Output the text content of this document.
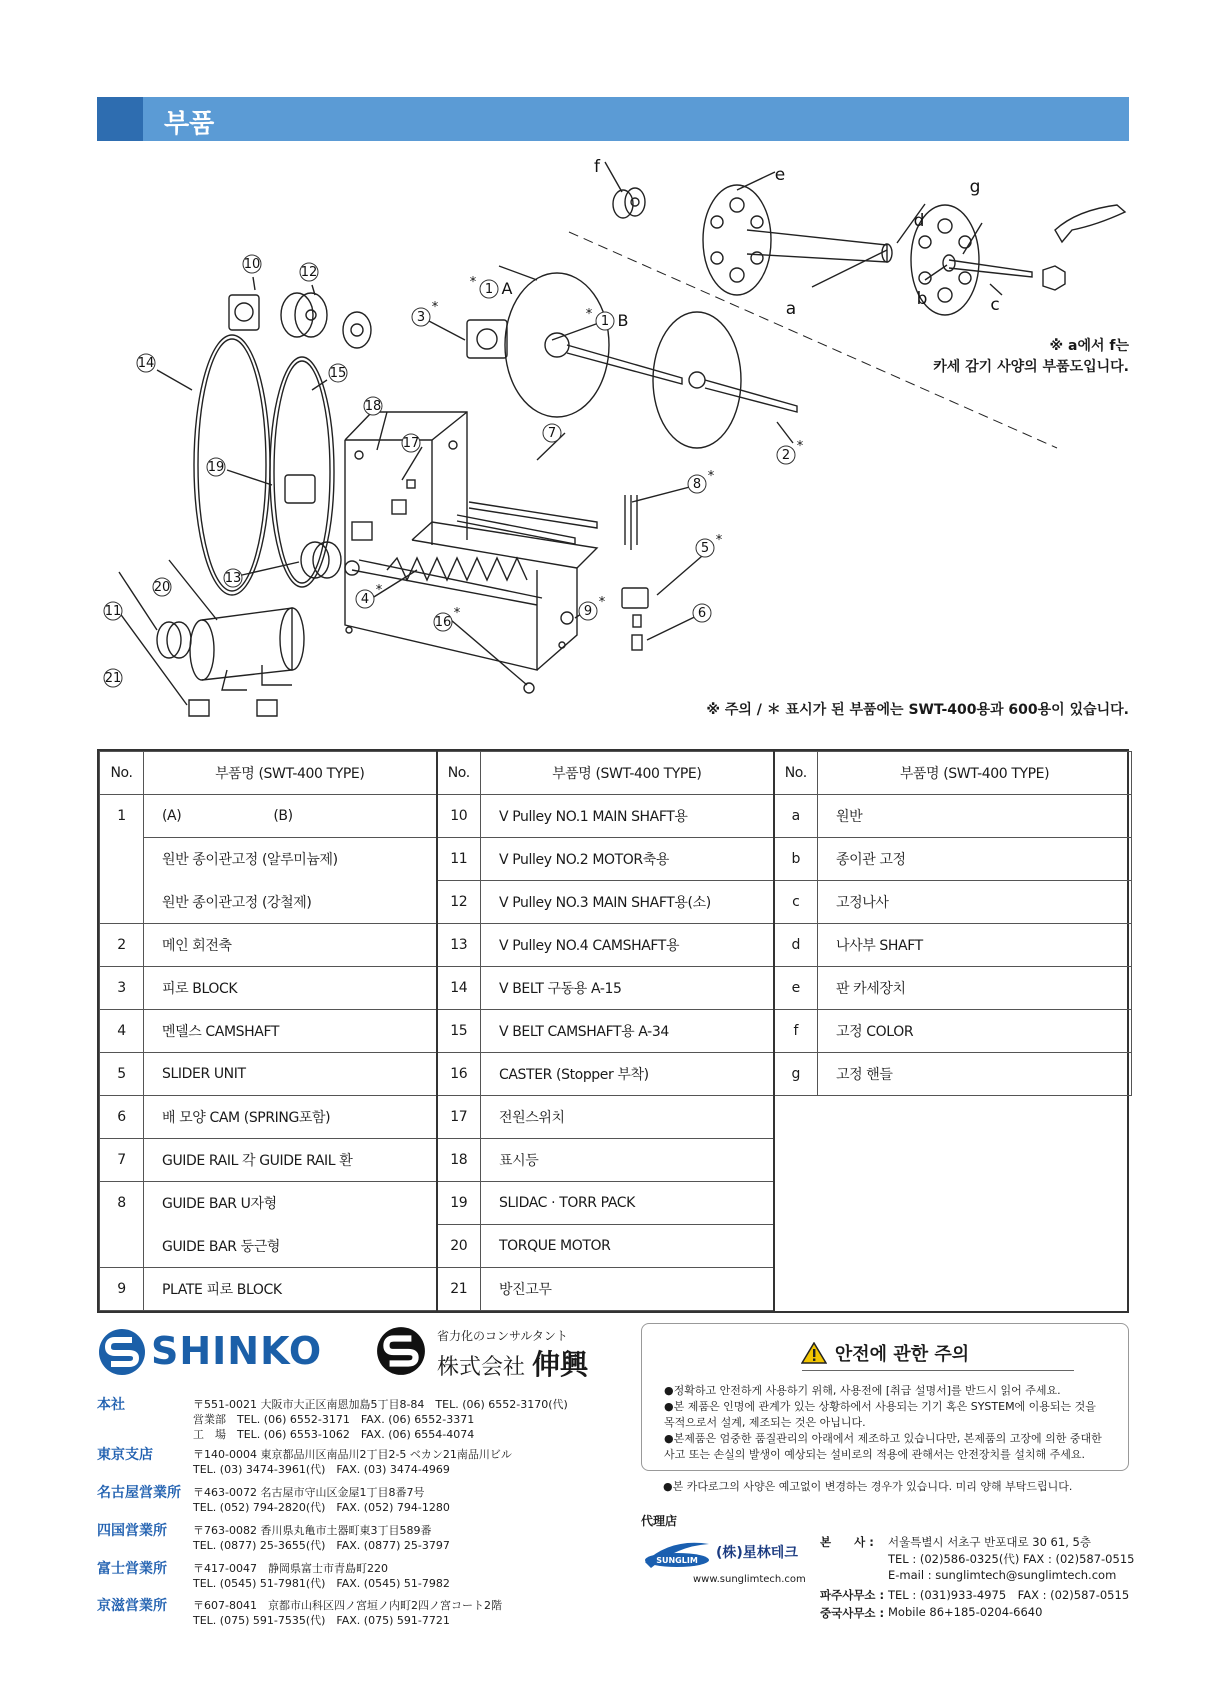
부품
10
12
14
15
19
13
11
20
21
3
*
* 1 A
* 1 B
2
*
18
17
7
8
*
5
*
6
9
*
4
*
16
*
f	e
g
d
a	b	c
※ a에서 f는
카세 감기 사양의 부품도입니다.
※ 주의 / ＊ 표시가 된 부품에는 SWT-400용과 600용이 있습니다.
No.	부품명 (SWT-400 TYPE)	No.	부품명 (SWT-400 TYPE)	No.	부품명 (SWT-400 TYPE)
1	(A) (B)	10	V Pulley NO.1 MAIN SHAFT용	a	원반
	원반 종이관고정 (알루미늄제)	11	V Pulley NO.2 MOTOR축용	b	종이관 고정
	원반 종이관고정 (강철제)	12	V Pulley NO.3 MAIN SHAFT용(소)	c	고정나사
2	메인 회전축	13	V Pulley NO.4 CAMSHAFT용	d	나사부 SHAFT
3	피로 BLOCK	14	V BELT 구동용 A-15	e	판 카세장치
4	멘델스 CAMSHAFT	15	V BELT CAMSHAFT용 A-34	f	고정 COLOR
5	SLIDER UNIT	16	CASTER (Stopper 부착)	g	고정 핸들
6	배 모양 CAM (SPRING포함)	17	전원스위치		
7	GUIDE RAIL 각 GUIDE RAIL 환	18	표시등		
8	GUIDE BAR U자형	19	SLIDAC · TORR PACK		
	GUIDE BAR 둥근형	20	TORQUE MOTOR		
9	PLATE 피로 BLOCK	21	방진고무		
SHINKO	省力化のコンサルタント
株式会社 伸興
本社	〒551-0021 大阪市大正区南恩加島5丁目8-84　TEL. (06) 6552-3170(代)
営業部　TEL. (06) 6552-3171　FAX. (06) 6552-3371
工　場　TEL. (06) 6553-1062　FAX. (06) 6554-4074
東京支店	〒140-0004 東京都品川区南品川2丁目2-5 ベカン21南品川ビル
TEL. (03) 3474-3961(代)　FAX. (03) 3474-4969
名古屋営業所 〒463-0072 名古屋市守山区金屋1丁目8番7号
TEL. (052) 794-2820(代)　FAX. (052) 794-1280
四国営業所 〒763-0082 香川県丸亀市土器町東3丁目589番
TEL. (0877) 25-3655(代)　FAX. (0877) 25-3797
富士営業所 〒417-0047　静岡県富士市青島町220
TEL. (0545) 51-7981(代)　FAX. (0545) 51-7982
京滋営業所 〒607-8041　京都市山科区四ノ宮垣ノ内町2四ノ宮コート2階
TEL. (075) 591-7535(代)　FAX. (075) 591-7721
안전에 관한 주의
●정확하고 안전하게 사용하기 위해, 사용전에 [취급 설명서]를 반드시 읽어 주세요.
●본 제품은 인명에 관계가 있는 상황하에서 사용되는 기기 혹은 SYSTEM에 이용되는 것을
목적으로서 설계, 제조되는 것은 아닙니다.
●본제품은 엄중한 품질관리의 아래에서 제조하고 있습니다만, 본제품의 고장에 의한 중대한
사고 또는 손실의 발생이 예상되는 설비로의 적용에 관해서는 안전장치를 설치해 주세요.
●본 카다로그의 사양은 예고없이 변경하는 경우가 있습니다. 미리 양해 부탁드립니다.
代理店
SUNGLIM (株)星林테크
www.sunglimtech.com
본　　사 : 서울특별시 서초구 반포대로 30 61, 5층
TEL : (02)586-0325(代) FAX : (02)587-0515
E-mail : sunglimtech@sunglimtech.com
파주사무소 : TEL : (031)933-4975　FAX : (02)587-0515
중국사무소 : Mobile 86+185-0204-6640
